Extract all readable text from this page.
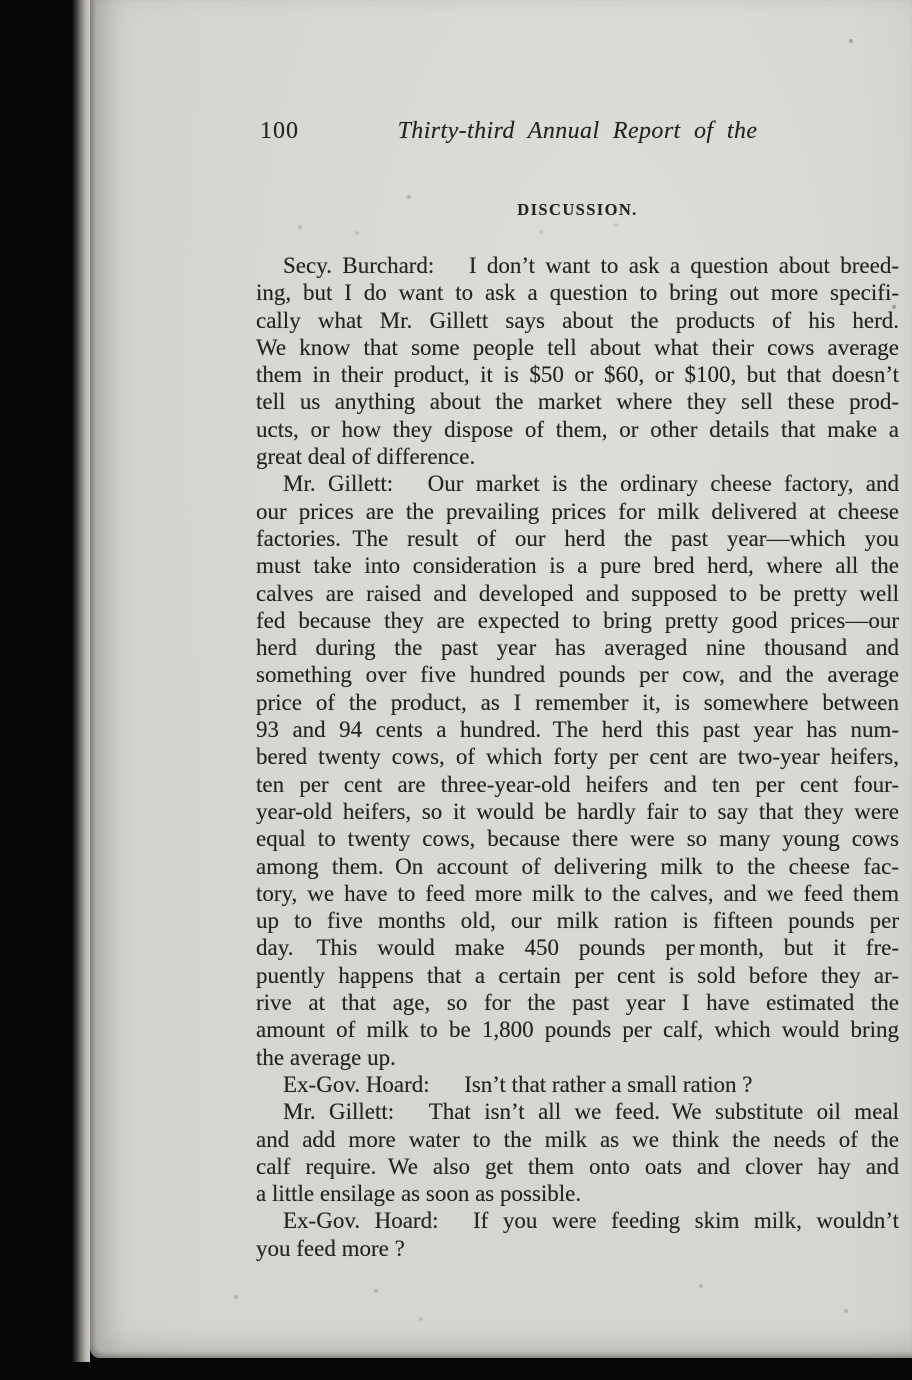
100	Thirty-third Annual Report of the
DISCUSSION.
Secy. Burchard:  I don’t want to ask a question about breed-
ing, but I do want to ask a question to bring out more specifi-
cally what Mr. Gillett says about the products of his herd.
We know that some people tell about what their cows average
them in their product, it is $50 or $60, or $100, but that doesn’t
tell us anything about the market where they sell these prod-
ucts, or how they dispose of them, or other details that make a
great deal of difference.
Mr. Gillett:  Our market is the ordinary cheese factory, and
our prices are the prevailing prices for milk delivered at cheese
factories. The result of our herd the past year—which you
must take into consideration is a pure bred herd, where all the
calves are raised and developed and supposed to be pretty well
fed because they are expected to bring pretty good prices—our
herd during the past year has averaged nine thousand and
something over five hundred pounds per cow, and the average
price of the product, as I remember it, is somewhere between
93 and 94 cents a hundred. The herd this past year has num-
bered twenty cows, of which forty per cent are two-year heifers,
ten per cent are three-year-old heifers and ten per cent four-
year-old heifers, so it would be hardly fair to say that they were
equal to twenty cows, because there were so many young cows
among them. On account of delivering milk to the cheese fac-
tory, we have to feed more milk to the calves, and we feed them
up to five months old, our milk ration is fifteen pounds per
day. This would make 450 pounds per month, but it fre-
puently happens that a certain per cent is sold before they ar-
rive at that age, so for the past year I have estimated the
amount of milk to be 1,800 pounds per calf, which would bring
the average up.
Ex-Gov. Hoard:  Isn’t that rather a small ration ?
Mr. Gillett:  That isn’t all we feed. We substitute oil meal
and add more water to the milk as we think the needs of the
calf require. We also get them onto oats and clover hay and
a little ensilage as soon as possible.
Ex-Gov. Hoard:  If you were feeding skim milk, wouldn’t
you feed more ?
